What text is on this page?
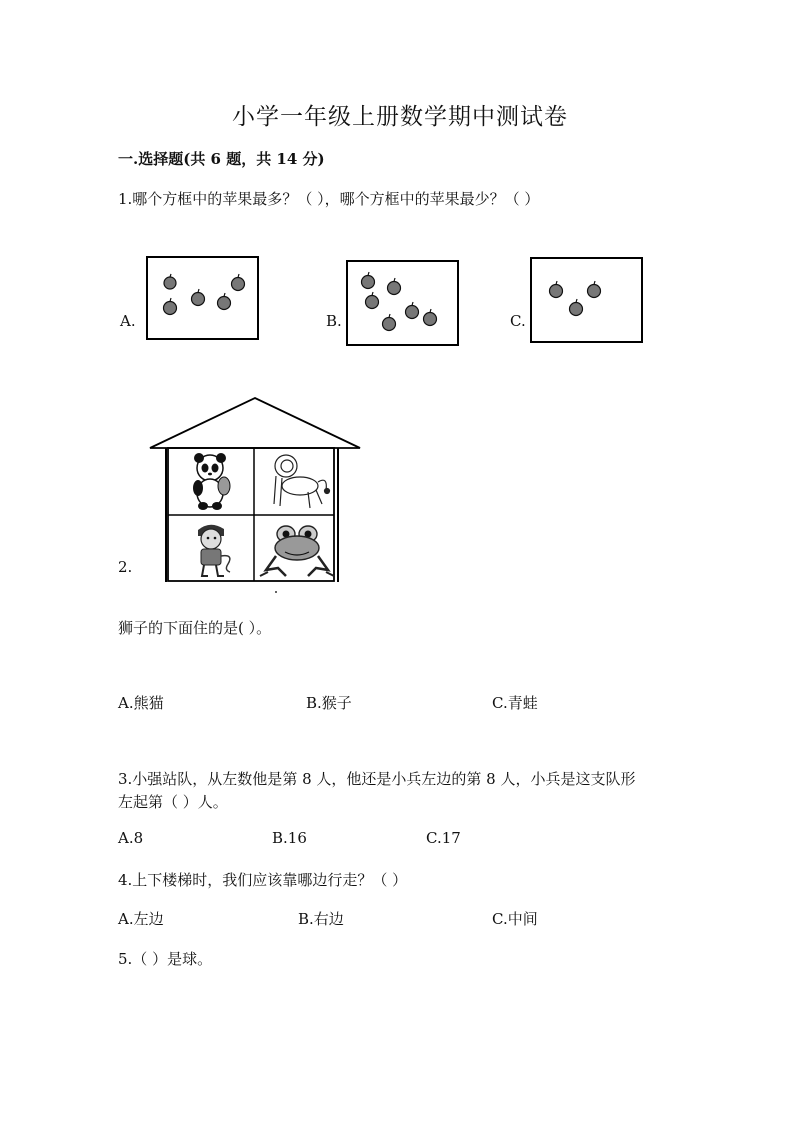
小学一年级上册数学期中测试卷
一.选择题(共 6 题，共 14 分)
1.哪个方框中的苹果最多？（ ），哪个方框中的苹果最少？（ ）
A.	B.	C.
2.
狮子的下面住的是( ）。
A.熊猫	B.猴子	C.青蛙
3.小强站队，从左数他是第 8 人，他还是小兵左边的第 8 人，小兵是这支队形
左起第（ ）人。
A.8	B.16	C.17
4.上下楼梯时，我们应该靠哪边行走？（ ）
A.左边	B.右边	C.中间
5.（ ）是球。
